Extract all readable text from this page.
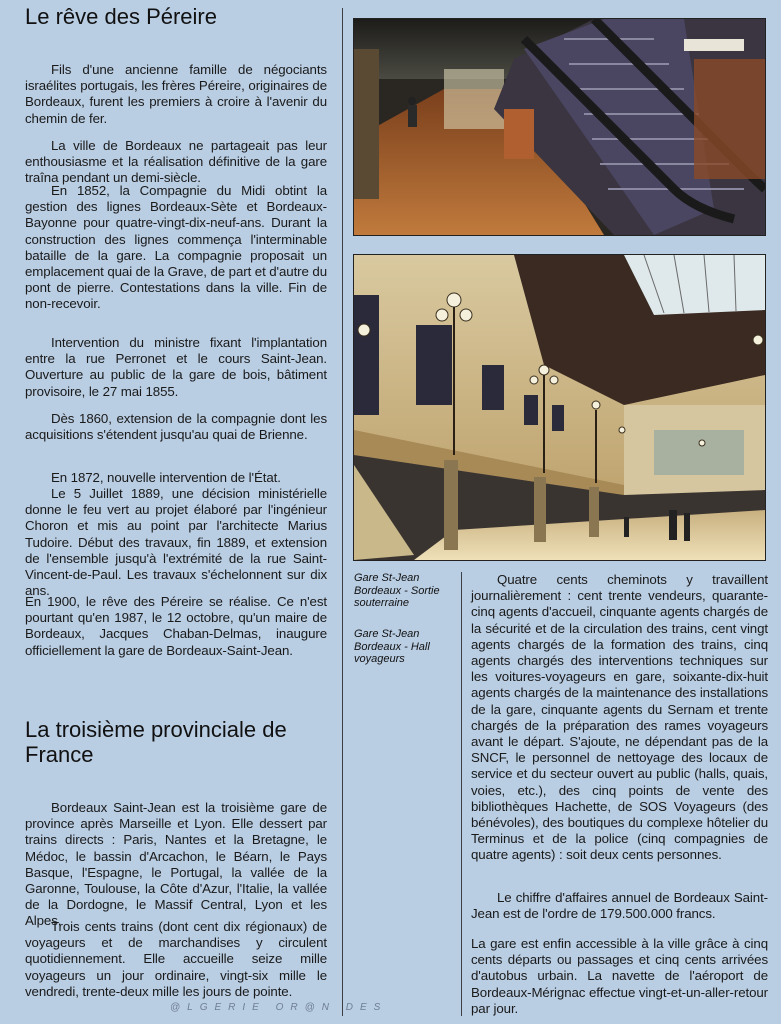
Le rêve des Péreire

Fils d'une ancienne famille de négociants israélites portugais, les frères Péreire, originaires de Bordeaux, furent les premiers à croire à l'avenir du chemin de fer.

La ville de Bordeaux ne partageait pas leur enthousiasme et la réalisation définitive de la gare traîna pendant un demi-siècle.

En 1852, la Compagnie du Midi obtint la gestion des lignes Bordeaux-Sète et Bordeaux-Bayonne pour quatre-vingt-dix-neuf-ans. Durant la construction des lignes commença l'interminable bataille de la gare. La compagnie proposait un emplacement quai de la Grave, de part et d'autre du pont de pierre. Contestations dans la ville. Fin de non-recevoir.

Intervention du ministre fixant l'implantation entre la rue Perronet et le cours Saint-Jean. Ouverture au public de la gare de bois, bâtiment provisoire, le 27 mai 1855.

Dès 1860, extension de la compagnie dont les acquisitions s'étendent jusqu'au quai de Brienne.

En 1872, nouvelle intervention de l'État.

Le 5 Juillet 1889, une décision ministérielle donne le feu vert au projet élaboré par l'ingénieur Choron et mis au point par l'architecte Marius Tudoire. Début des travaux, fin 1889, et extension de l'ensemble jusqu'à l'extrémité de la rue Saint-Vincent-de-Paul. Les travaux s'échelonnent sur dix ans.

En 1900, le rêve des Péreire se réalise. Ce n'est pourtant qu'en 1987, le 12 octobre, qu'un maire de Bordeaux, Jacques Chaban-Delmas, inaugure officiellement la gare de Bordeaux-Saint-Jean.

La troisième provinciale de France

Bordeaux Saint-Jean est la troisième gare de province après Marseille et Lyon. Elle dessert par trains directs : Paris, Nantes et la Bretagne, le Médoc, le bassin d'Arcachon, le Béarn, le Pays Basque, l'Espagne, le Portugal, la vallée de la Garonne, Toulouse, la Côte d'Azur, l'Italie, la vallée de la Dordogne, le Massif Central, Lyon et les Alpes.

Trois cents trains (dont cent dix régionaux) de voyageurs et de marchandises y circulent quotidiennement. Elle accueille seize mille voyageurs un jour ordinaire, vingt-six mille le vendredi, trente-deux mille les jours de pointe.

Gare St-Jean Bordeaux - Sortie souterraine

Gare St-Jean Bordeaux - Hall voyageurs

Quatre cents cheminots y travaillent journalièrement : cent trente vendeurs, quarante-cinq agents d'accueil, cinquante agents chargés de la sécurité et de la circulation des trains, cent vingt agents chargés de la formation des trains, cinq agents chargés des interventions techniques sur les voitures-voyageurs en gare, soixante-dix-huit agents chargés de la maintenance des installations de la gare, cinquante agents du Sernam et trente chargés de la préparation des rames voyageurs avant le départ. S'ajoute, ne dépendant pas de la SNCF, le personnel de nettoyage des locaux de service et du secteur ouvert au public (halls, quais, voies, etc.), des cinq points de vente des bibliothèques Hachette, de SOS Voyageurs (des bénévoles), des boutiques du complexe hôtelier du Terminus et de la police (cinq compagnies de quatre agents) : soit deux cents personnes.

Le chiffre d'affaires annuel de Bordeaux Saint-Jean est de l'ordre de 179.500.000 francs.

La gare est enfin accessible à la ville grâce à cinq cents départs ou passages et cinq cents arrivées d'autobus urbain. La navette de l'aéroport de Bordeaux-Mérignac effectue vingt-et-un-aller-retour par jour.

@LGERIE OR@N DES
